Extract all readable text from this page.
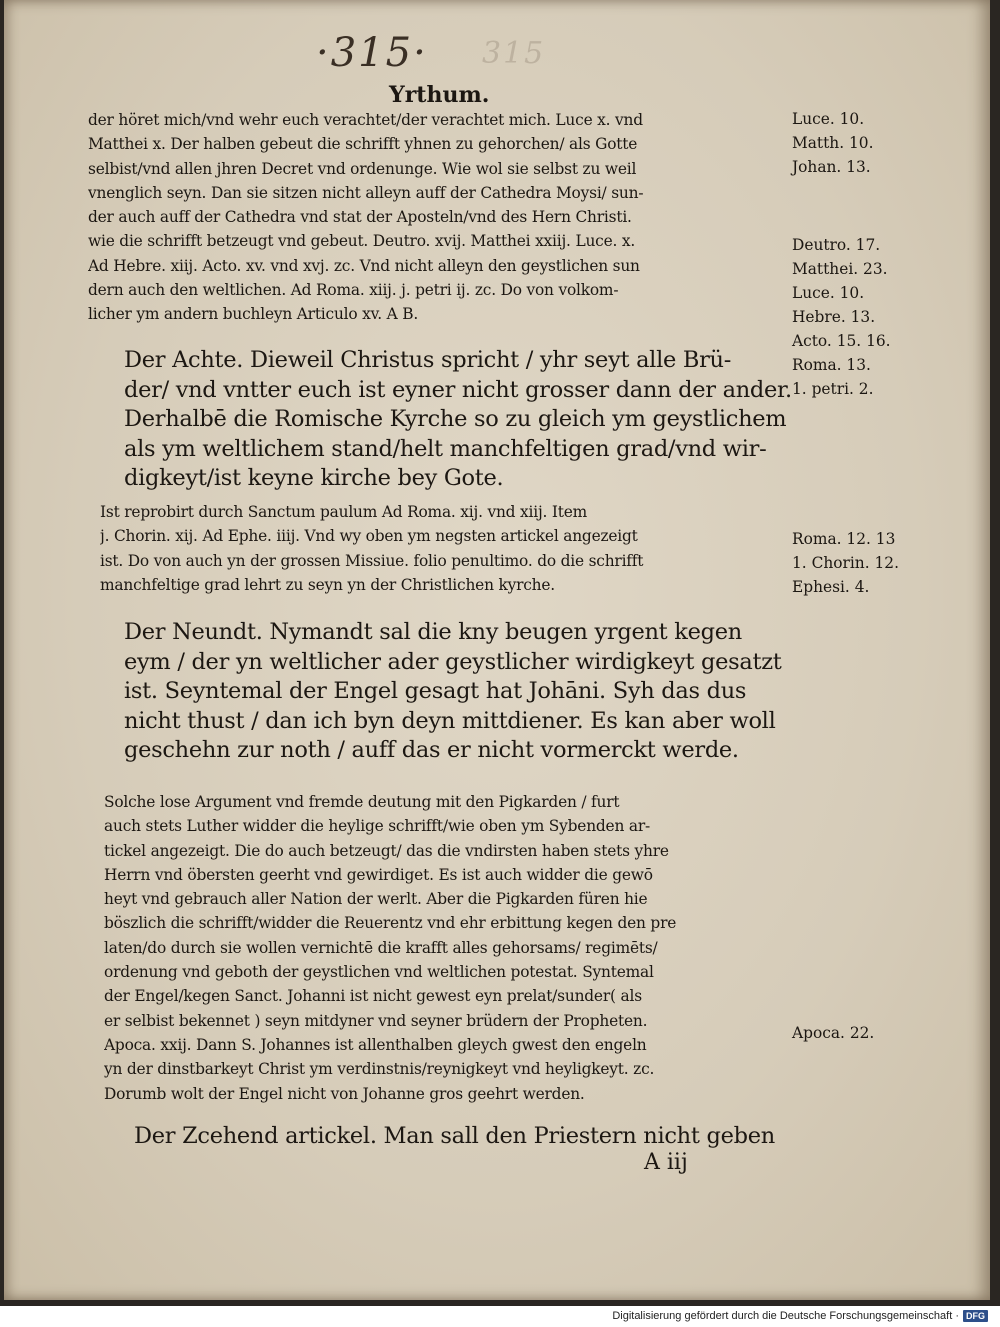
·315· 315
Yrthum.
der höret mich/vnd wehr euch verachtet/der verachtet mich. Luce x. vnd
Matthei x. Der halben gebeut die schrifft yhnen zu gehorchen/ als Gotte
selbist/vnd allen jhren Decret vnd ordenunge. Wie wol sie selbst zu weil
vnenglich seyn. Dan sie sitzen nicht alleyn auff der Cathedra Moysi/ sun-
der auch auff der Cathedra vnd stat der Aposteln/vnd des Hern Christi.
wie die schrifft betzeugt vnd gebeut. Deutro. xvij. Matthei xxiij. Luce. x.
Ad Hebre. xiij. Acto. xv. vnd xvj. zc. Vnd nicht alleyn den geystlichen sun
dern auch den weltlichen. Ad Roma. xiij. j. petri ij. zc. Do von volkom-
licher ym andern buchleyn Articulo xv. A B.
Der Achte. Dieweil Christus spricht / yhr seyt alle Brü-
der/ vnd vntter euch ist eyner nicht grosser dann der ander.
Derhalbē die Romische Kyrche so zu gleich ym geystlichem
als ym weltlichem stand/helt manchfeltigen grad/vnd wir-
digkeyt/ist keyne kirche bey Gote.
Ist reprobirt durch Sanctum paulum Ad Roma. xij. vnd xiij. Item
j. Chorin. xij. Ad Ephe. iiij. Vnd wy oben ym negsten artickel angezeigt
ist. Do von auch yn der grossen Missiue. folio penultimo. do die schrifft
manchfeltige grad lehrt zu seyn yn der Christlichen kyrche.
Der Neundt. Nymandt sal die kny beugen yrgent kegen
eym / der yn weltlicher ader geystlicher wirdigkeyt gesatzt
ist. Seyntemal der Engel gesagt hat Johāni. Syh das dus
nicht thust / dan ich byn deyn mittdiener. Es kan aber woll
geschehn zur noth / auff das er nicht vormerckt werde.
Solche lose Argument vnd fremde deutung mit den Pigkarden / furt
auch stets Luther widder die heylige schrifft/wie oben ym Sybenden ar-
tickel angezeigt. Die do auch betzeugt/ das die vndirsten haben stets yhre
Herrn vnd öbersten geerht vnd gewirdiget. Es ist auch widder die gewō
heyt vnd gebrauch aller Nation der werlt. Aber die Pigkarden füren hie
böszlich die schrifft/widder die Reuerentz vnd ehr erbittung kegen den pre
laten/do durch sie wollen vernichtē die krafft alles gehorsams/ regimēts/
ordenung vnd geboth der geystlichen vnd weltlichen potestat. Syntemal
der Engel/kegen Sanct. Johanni ist nicht gewest eyn prelat/sunder( als
er selbist bekennet ) seyn mitdyner vnd seyner brüdern der Propheten.
Apoca. xxij. Dann S. Johannes ist allenthalben gleych gwest den engeln
yn der dinstbarkeyt Christ ym verdinstnis/reynigkeyt vnd heyligkeyt. zc.
Dorumb wolt der Engel nicht von Johanne gros geehrt werden.
Der Zcehend artickel. Man sall den Priestern nicht geben
A iij
Luce. 10.
Matth. 10.
Johan. 13.
Deutro. 17.
Matthei. 23.
Luce. 10.
Hebre. 13.
Acto. 15. 16.
Roma. 13.
1. petri. 2.
Roma. 12. 13
1. Chorin. 12.
Ephesi. 4.
Apoca. 22.
Digitalisierung gefördert durch die Deutsche Forschungsgemeinschaft · DFG
